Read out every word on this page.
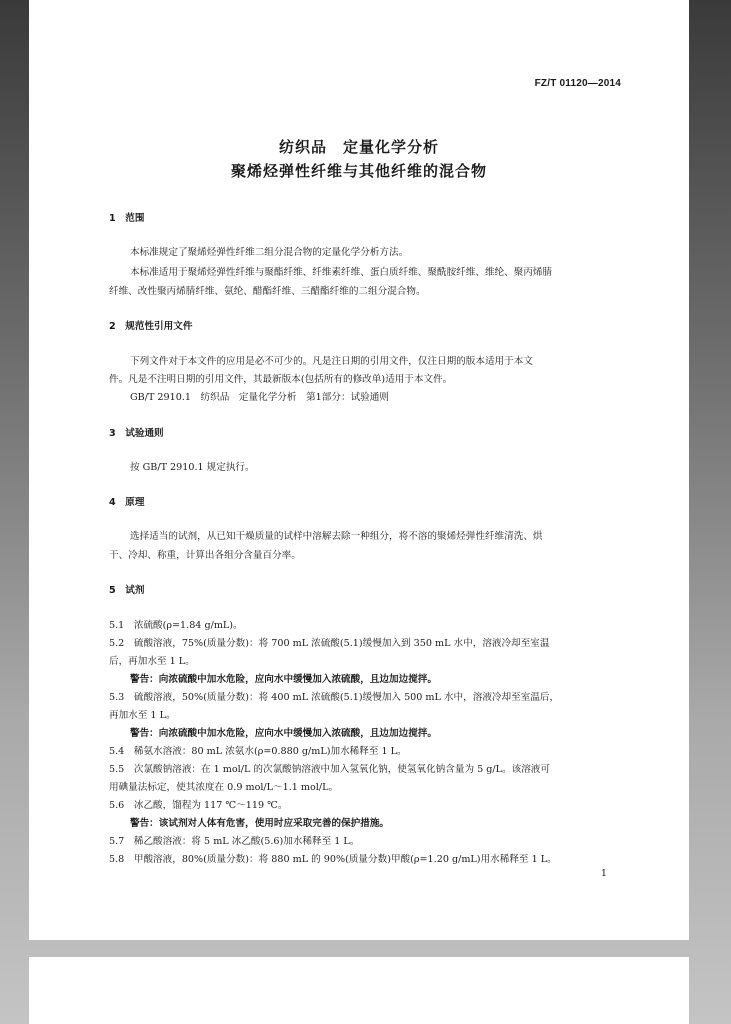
FZ/T 01120—2014
纺织品　定量化学分析
聚烯烃弹性纤维与其他纤维的混合物
1　范围
本标准规定了聚烯烃弹性纤维二组分混合物的定量化学分析方法。
本标准适用于聚烯烃弹性纤维与聚酯纤维、纤维素纤维、蛋白质纤维、聚酰胺纤维、维纶、聚丙烯腈
纤维、改性聚丙烯腈纤维、氨纶、醋酯纤维、三醋酯纤维的二组分混合物。
2　规范性引用文件
下列文件对于本文件的应用是必不可少的。凡是注日期的引用文件，仅注日期的版本适用于本文
件。凡是不注明日期的引用文件，其最新版本(包括所有的修改单)适用于本文件。
GB/T 2910.1　纺织品　定量化学分析　第1部分：试验通则
3　试验通则
按 GB/T 2910.1 规定执行。
4　原理
选择适当的试剂，从已知干燥质量的试样中溶解去除一种组分，将不溶的聚烯烃弹性纤维清洗、烘
干、冷却、称重，计算出各组分含量百分率。
5　试剂
5.1　浓硫酸(ρ=1.84 g/mL)。
5.2　硫酸溶液，75%(质量分数)：将 700 mL 浓硫酸(5.1)缓慢加入到 350 mL 水中，溶液冷却至室温
后，再加水至 1 L。
警告：向浓硫酸中加水危险，应向水中缓慢加入浓硫酸，且边加边搅拌。
5.3　硫酸溶液，50%(质量分数)：将 400 mL 浓硫酸(5.1)缓慢加入 500 mL 水中，溶液冷却至室温后，
再加水至 1 L。
警告：向浓硫酸中加水危险，应向水中缓慢加入浓硫酸，且边加边搅拌。
5.4　稀氨水溶液：80 mL 浓氨水(ρ=0.880 g/mL)加水稀释至 1 L。
5.5　次氯酸钠溶液：在 1 mol/L 的次氯酸钠溶液中加入氢氧化钠，使氢氧化钠含量为 5 g/L。该溶液可
用碘量法标定，使其浓度在 0.9 mol/L～1.1 mol/L。
5.6　冰乙酸，馏程为 117 ℃～119 ℃。
警告：该试剂对人体有危害，使用时应采取完善的保护措施。
5.7　稀乙酸溶液：将 5 mL 冰乙酸(5.6)加水稀释至 1 L。
5.8　甲酸溶液，80%(质量分数)：将 880 mL 的 90%(质量分数)甲酸(ρ=1.20 g/mL)用水稀释至 1 L。
1
